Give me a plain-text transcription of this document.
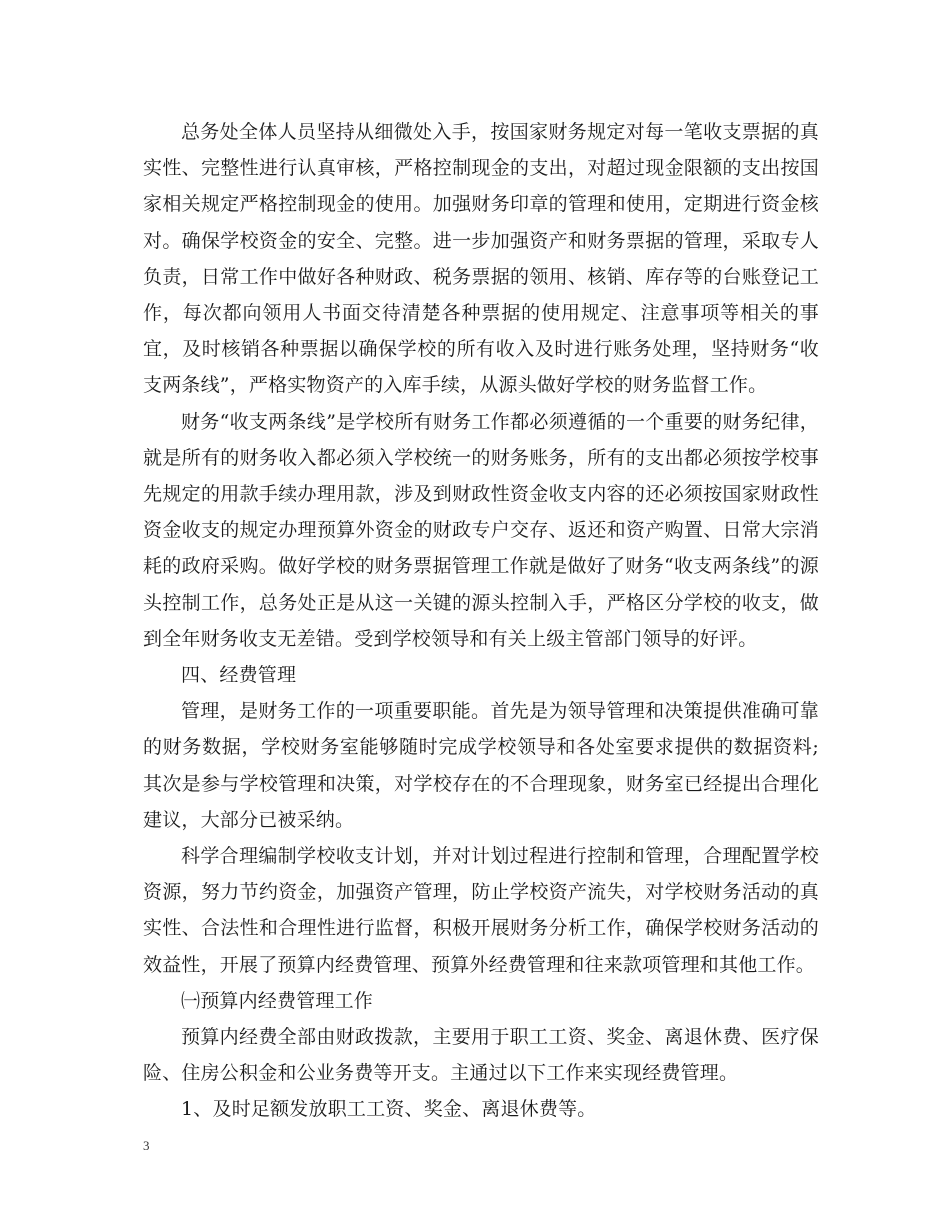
总务处全体人员坚持从细微处入手，按国家财务规定对每一笔收支票据的真实性、完整性进行认真审核，严格控制现金的支出，对超过现金限额的支出按国家相关规定严格控制现金的使用。加强财务印章的管理和使用，定期进行资金核对。确保学校资金的安全、完整。进一步加强资产和财务票据的管理，采取专人负责，日常工作中做好各种财政、税务票据的领用、核销、库存等的台账登记工作，每次都向领用人书面交待清楚各种票据的使用规定、注意事项等相关的事宜，及时核销各种票据以确保学校的所有收入及时进行账务处理，坚持财务“收支两条线”，严格实物资产的入库手续，从源头做好学校的财务监督工作。

财务“收支两条线”是学校所有财务工作都必须遵循的一个重要的财务纪律，就是所有的财务收入都必须入学校统一的财务账务，所有的支出都必须按学校事先规定的用款手续办理用款，涉及到财政性资金收支内容的还必须按国家财政性资金收支的规定办理预算外资金的财政专户交存、返还和资产购置、日常大宗消耗的政府采购。做好学校的财务票据管理工作就是做好了财务“收支两条线”的源头控制工作，总务处正是从这一关键的源头控制入手，严格区分学校的收支，做到全年财务收支无差错。受到学校领导和有关上级主管部门领导的好评。

四、经费管理

管理，是财务工作的一项重要职能。首先是为领导管理和决策提供准确可靠的财务数据，学校财务室能够随时完成学校领导和各处室要求提供的数据资料;其次是参与学校管理和决策，对学校存在的不合理现象，财务室已经提出合理化建议，大部分已被采纳。

科学合理编制学校收支计划，并对计划过程进行控制和管理，合理配置学校资源，努力节约资金，加强资产管理，防止学校资产流失，对学校财务活动的真实性、合法性和合理性进行监督，积极开展财务分析工作，确保学校财务活动的效益性，开展了预算内经费管理、预算外经费管理和往来款项管理和其他工作。

㈠预算内经费管理工作

预算内经费全部由财政拨款，主要用于职工工资、奖金、离退休费、医疗保险、住房公积金和公业务费等开支。主通过以下工作来实现经费管理。

1、及时足额发放职工工资、奖金、离退休费等。

3
